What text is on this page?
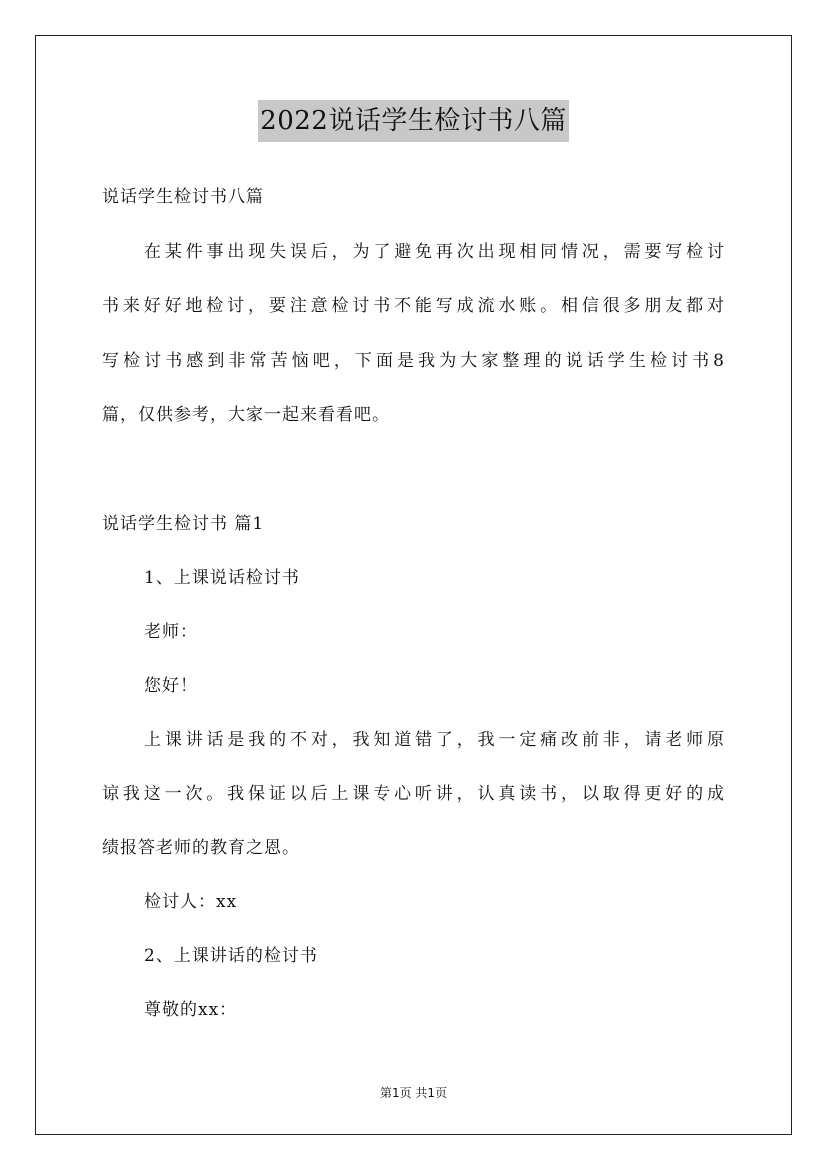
2022说话学生检讨书八篇
说话学生检讨书八篇
在某件事出现失误后，为了避免再次出现相同情况，需要写检讨
书来好好地检讨，要注意检讨书不能写成流水账。相信很多朋友都对
写检讨书感到非常苦恼吧，下面是我为大家整理的说话学生检讨书8
篇，仅供参考，大家一起来看看吧。
说话学生检讨书 篇1
1、上课说话检讨书
老师：
您好！
上课讲话是我的不对，我知道错了，我一定痛改前非，请老师原
谅我这一次。我保证以后上课专心听讲，认真读书，以取得更好的成
绩报答老师的教育之恩。
检讨人：xx
2、上课讲话的检讨书
尊敬的xx：
第1页 共1页
